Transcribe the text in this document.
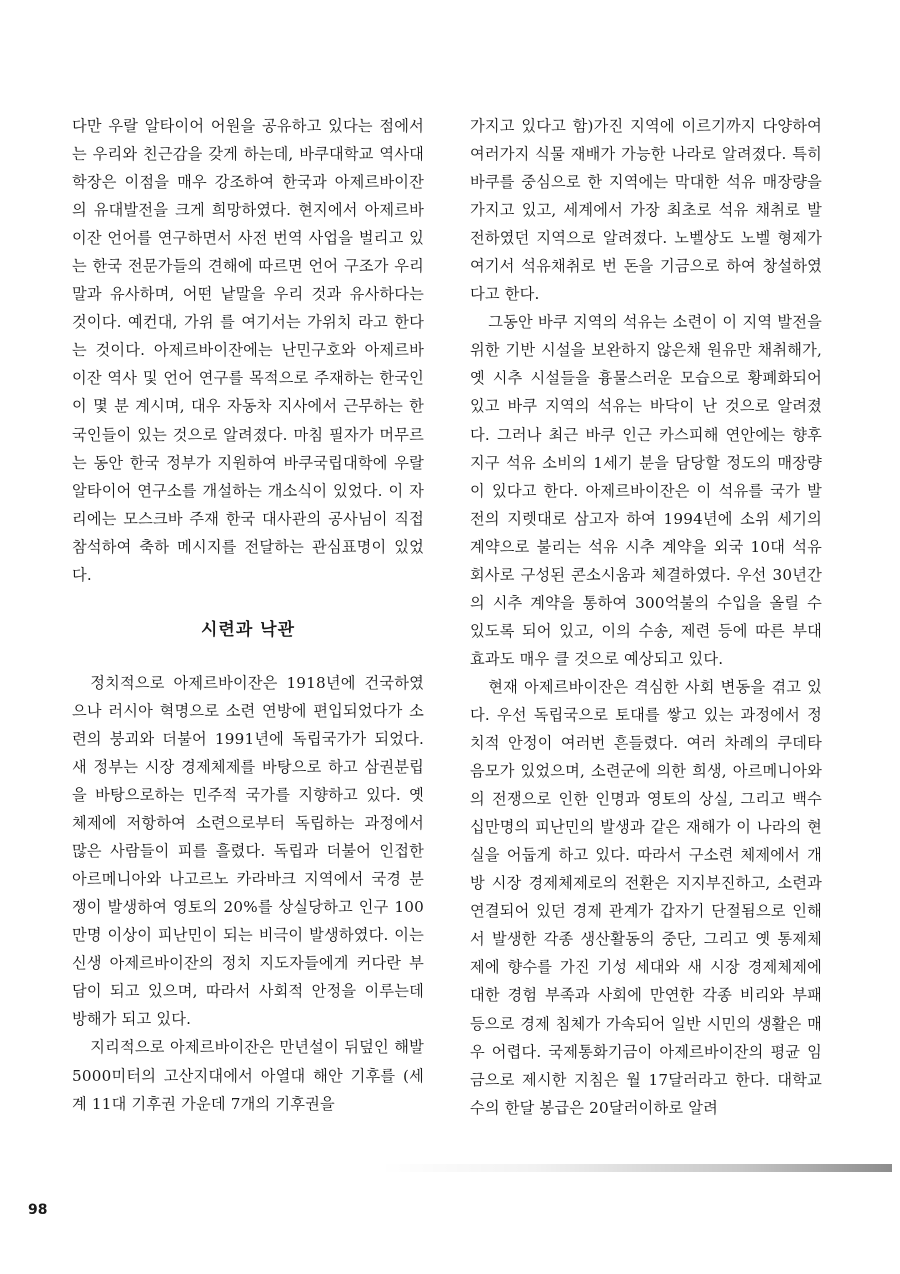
다만 우랄 알타이어 어원을 공유하고 있다는 점에서는 우리와 친근감을 갖게 하는데, 바쿠대학교 역사대학장은 이점을 매우 강조하여 한국과 아제르바이잔의 유대발전을 크게 희망하였다. 현지에서 아제르바이잔 언어를 연구하면서 사전 번역 사업을 벌리고 있는 한국 전문가들의 견해에 따르면 언어 구조가 우리말과 유사하며, 어떤 낱말을 우리 것과 유사하다는 것이다. 예컨대, 가위 를 여기서는 가위치 라고 한다는 것이다. 아제르바이잔에는 난민구호와 아제르바이잔 역사 및 언어 연구를 목적으로 주재하는 한국인이 몇 분 계시며, 대우 자동차 지사에서 근무하는 한국인들이 있는 것으로 알려졌다. 마침 필자가 머무르는 동안 한국 정부가 지원하여 바쿠국립대학에 우랄알타이어 연구소를 개설하는 개소식이 있었다. 이 자리에는 모스크바 주재 한국 대사관의 공사님이 직접 참석하여 축하 메시지를 전달하는 관심표명이 있었다.

시련과 낙관

정치적으로 아제르바이잔은 1918년에 건국하였으나 러시아 혁명으로 소련 연방에 편입되었다가 소련의 붕괴와 더불어 1991년에 독립국가가 되었다. 새 정부는 시장 경제체제를 바탕으로 하고 삼권분립을 바탕으로하는 민주적 국가를 지향하고 있다. 옛 체제에 저항하여 소련으로부터 독립하는 과정에서 많은 사람들이 피를 흘렸다. 독립과 더불어 인접한 아르메니아와 나고르노 카라바크 지역에서 국경 분쟁이 발생하여 영토의 20%를 상실당하고 인구 100만명 이상이 피난민이 되는 비극이 발생하였다. 이는 신생 아제르바이잔의 정치 지도자들에게 커다란 부담이 되고 있으며, 따라서 사회적 안정을 이루는데 방해가 되고 있다.

지리적으로 아제르바이잔은 만년설이 뒤덮인 해발 5000미터의 고산지대에서 아열대 해안 기후를 (세계 11대 기후권 가운데 7개의 기후권을

가지고 있다고 함)가진 지역에 이르기까지 다양하여 여러가지 식물 재배가 가능한 나라로 알려졌다. 특히 바쿠를 중심으로 한 지역에는 막대한 석유 매장량을 가지고 있고, 세계에서 가장 최초로 석유 채취로 발전하였던 지역으로 알려졌다. 노벨상도 노벨 형제가 여기서 석유채취로 번 돈을 기금으로 하여 창설하였다고 한다.

그동안 바쿠 지역의 석유는 소련이 이 지역 발전을 위한 기반 시설을 보완하지 않은채 원유만 채취해가, 옛 시추 시설들을 흉물스러운 모습으로 황폐화되어 있고 바쿠 지역의 석유는 바닥이 난 것으로 알려졌다. 그러나 최근 바쿠 인근 카스피해 연안에는 향후 지구 석유 소비의 1세기 분을 담당할 정도의 매장량이 있다고 한다. 아제르바이잔은 이 석유를 국가 발전의 지렛대로 삼고자 하여 1994년에 소위 세기의 계약으로 불리는 석유 시추 계약을 외국 10대 석유 회사로 구성된 콘소시움과 체결하였다. 우선 30년간의 시추 계약을 통하여 300억불의 수입을 올릴 수 있도록 되어 있고, 이의 수송, 제련 등에 따른 부대 효과도 매우 클 것으로 예상되고 있다.

현재 아제르바이잔은 격심한 사회 변동을 겪고 있다. 우선 독립국으로 토대를 쌓고 있는 과정에서 정치적 안정이 여러번 흔들렸다. 여러 차례의 쿠데타 음모가 있었으며, 소련군에 의한 희생, 아르메니아와의 전쟁으로 인한 인명과 영토의 상실, 그리고 백수십만명의 피난민의 발생과 같은 재해가 이 나라의 현실을 어둡게 하고 있다. 따라서 구소련 체제에서 개방 시장 경제체제로의 전환은 지지부진하고, 소련과 연결되어 있던 경제 관계가 갑자기 단절됨으로 인해서 발생한 각종 생산활동의 중단, 그리고 옛 통제체제에 향수를 가진 기성 세대와 새 시장 경제체제에 대한 경험 부족과 사회에 만연한 각종 비리와 부패 등으로 경제 침체가 가속되어 일반 시민의 생활은 매우 어렵다. 국제통화기금이 아제르바이잔의 평균 임금으로 제시한 지침은 월 17달러라고 한다. 대학교수의 한달 봉급은 20달러이하로 알려

98
